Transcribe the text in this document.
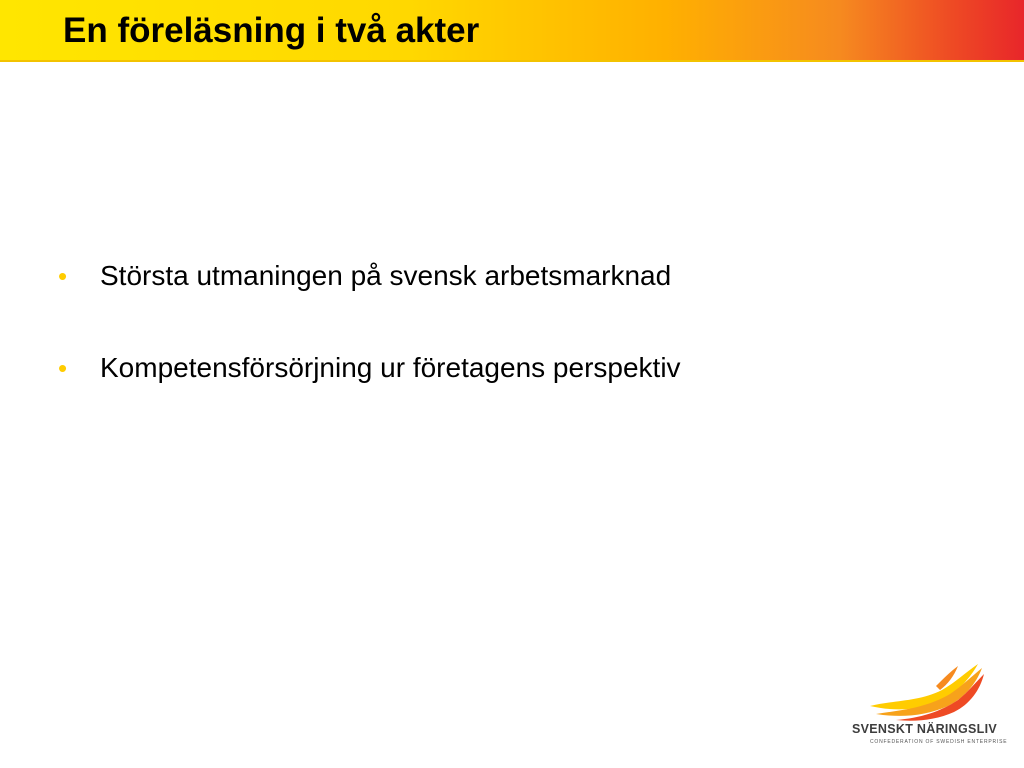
En föreläsning i två akter
• Största utmaningen på svensk arbetsmarknad
• Kompetensförsörjning ur företagens perspektiv
SVENSKT NÄRINGSLIV
CONFEDERATION OF SWEDISH ENTERPRISE
